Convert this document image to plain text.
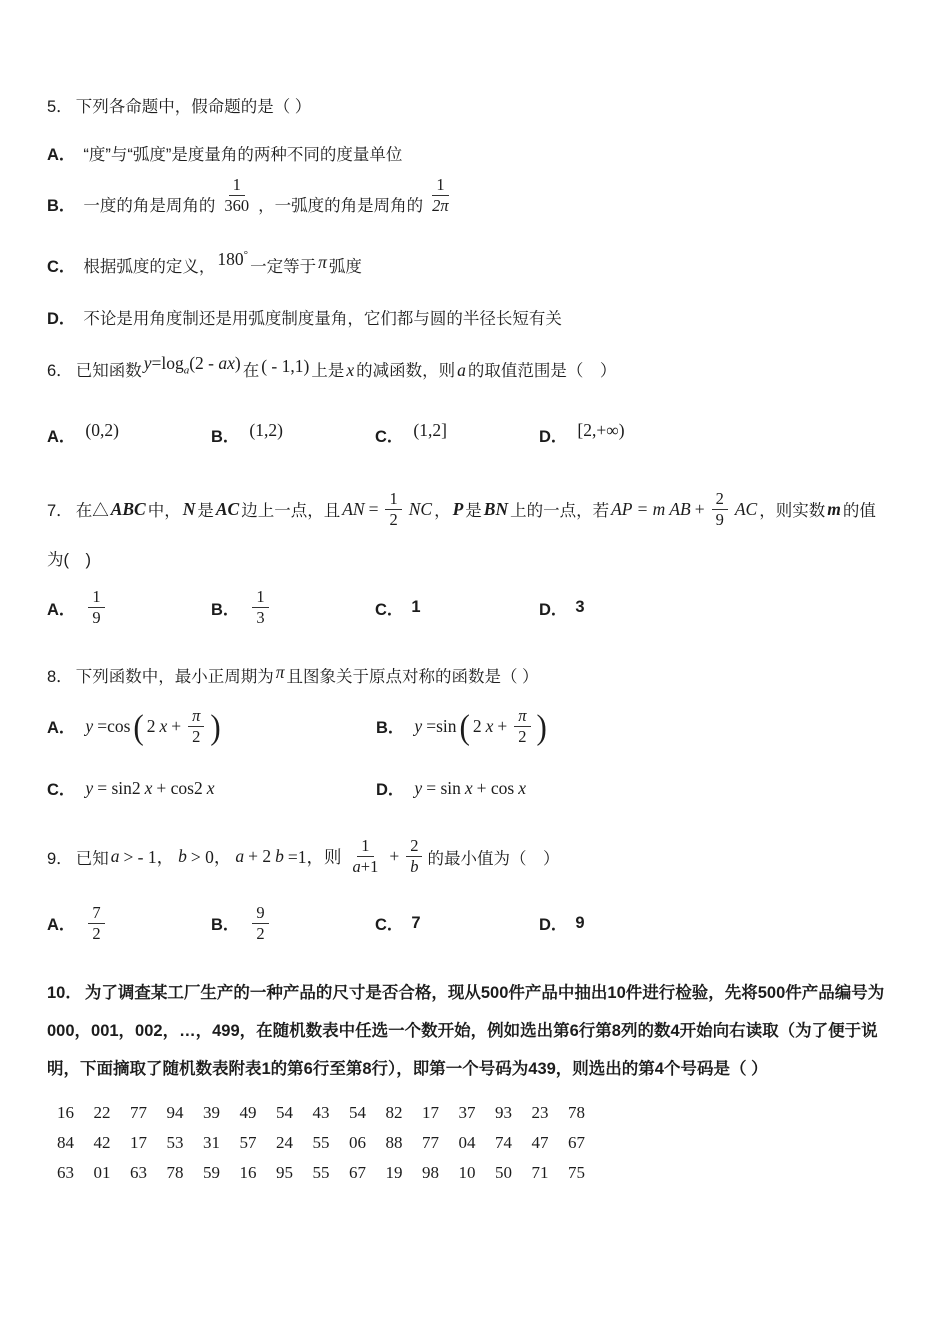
5． 下列各命题中，假命题的是（ ）

A． “度”与“弧度”是度量角的两种不同的度量单位

B． 一度的角是周角的 $\frac{1}{360}$ ，一弧度的角是周角的 $\frac{1}{2\pi}$

C． 根据弧度的定义， 180°一定等于 π 弧度

D． 不论是用角度制还是用弧度制度量角，它们都与圆的半径长短有关

6． 已知函数 $y=\log_a(2 - ax)$ 在 ( - 1,1) 上是 x 的减函数，则 a 的取值范围是（　）

A． (0,2)	B． (1,2)	C． (1,2]	D． [2,+∞)
7． 在△ ABC 中， N 是 AC 边上一点，且 AN = $\frac{1}{2}$ NC ， P 是 BN 上的一点，若 AP = m AB + $\frac{2}{9}$ AC ，则实数 m 的值

为(　)

A． $\frac{1}{9}$	B． $\frac{1}{3}$	C． 1	D． 3

8． 下列函数中，最小正周期为 π 且图象关于原点对称的函数是（ ）

A． y =cos ( 2 $x + \frac{\pi}{2}$ )	B． y =sin ( 2 $x + \frac{\pi}{2}$ )
C． y = sin2 x + cos2 x	D． y = sin x + cos x
9． 已知 a > - 1， b > 0， a + 2 b =1，则 $\frac{1}{a +1} + \frac{2}{b}$ 的最小值为（　）
A． $\frac{7}{2}$	B． $\frac{9}{2}$	C． 7	D． 9

10． 为了调查某工厂生产的一种产品的尺寸是否合格，现从500件产品中抽出10件进行检验，先将500件产品编号为

000，001，002，…，499，在随机数表中任选一个数开始，例如选出第6行第8列的数4开始向右读取（为了便于说

明，下面摘取了随机数表附表1的第6行至第8行），即第一个号码为439，则选出的第4个号码是（ ）

16	22	77	94	39	49	54	43	54	82	17	37	93	23	78
84	42	17	53	31	57	24	55	06	88	77	04	74	47	67
63	01	63	78	59	16	95	55	67	19	98	10	50	71	75
